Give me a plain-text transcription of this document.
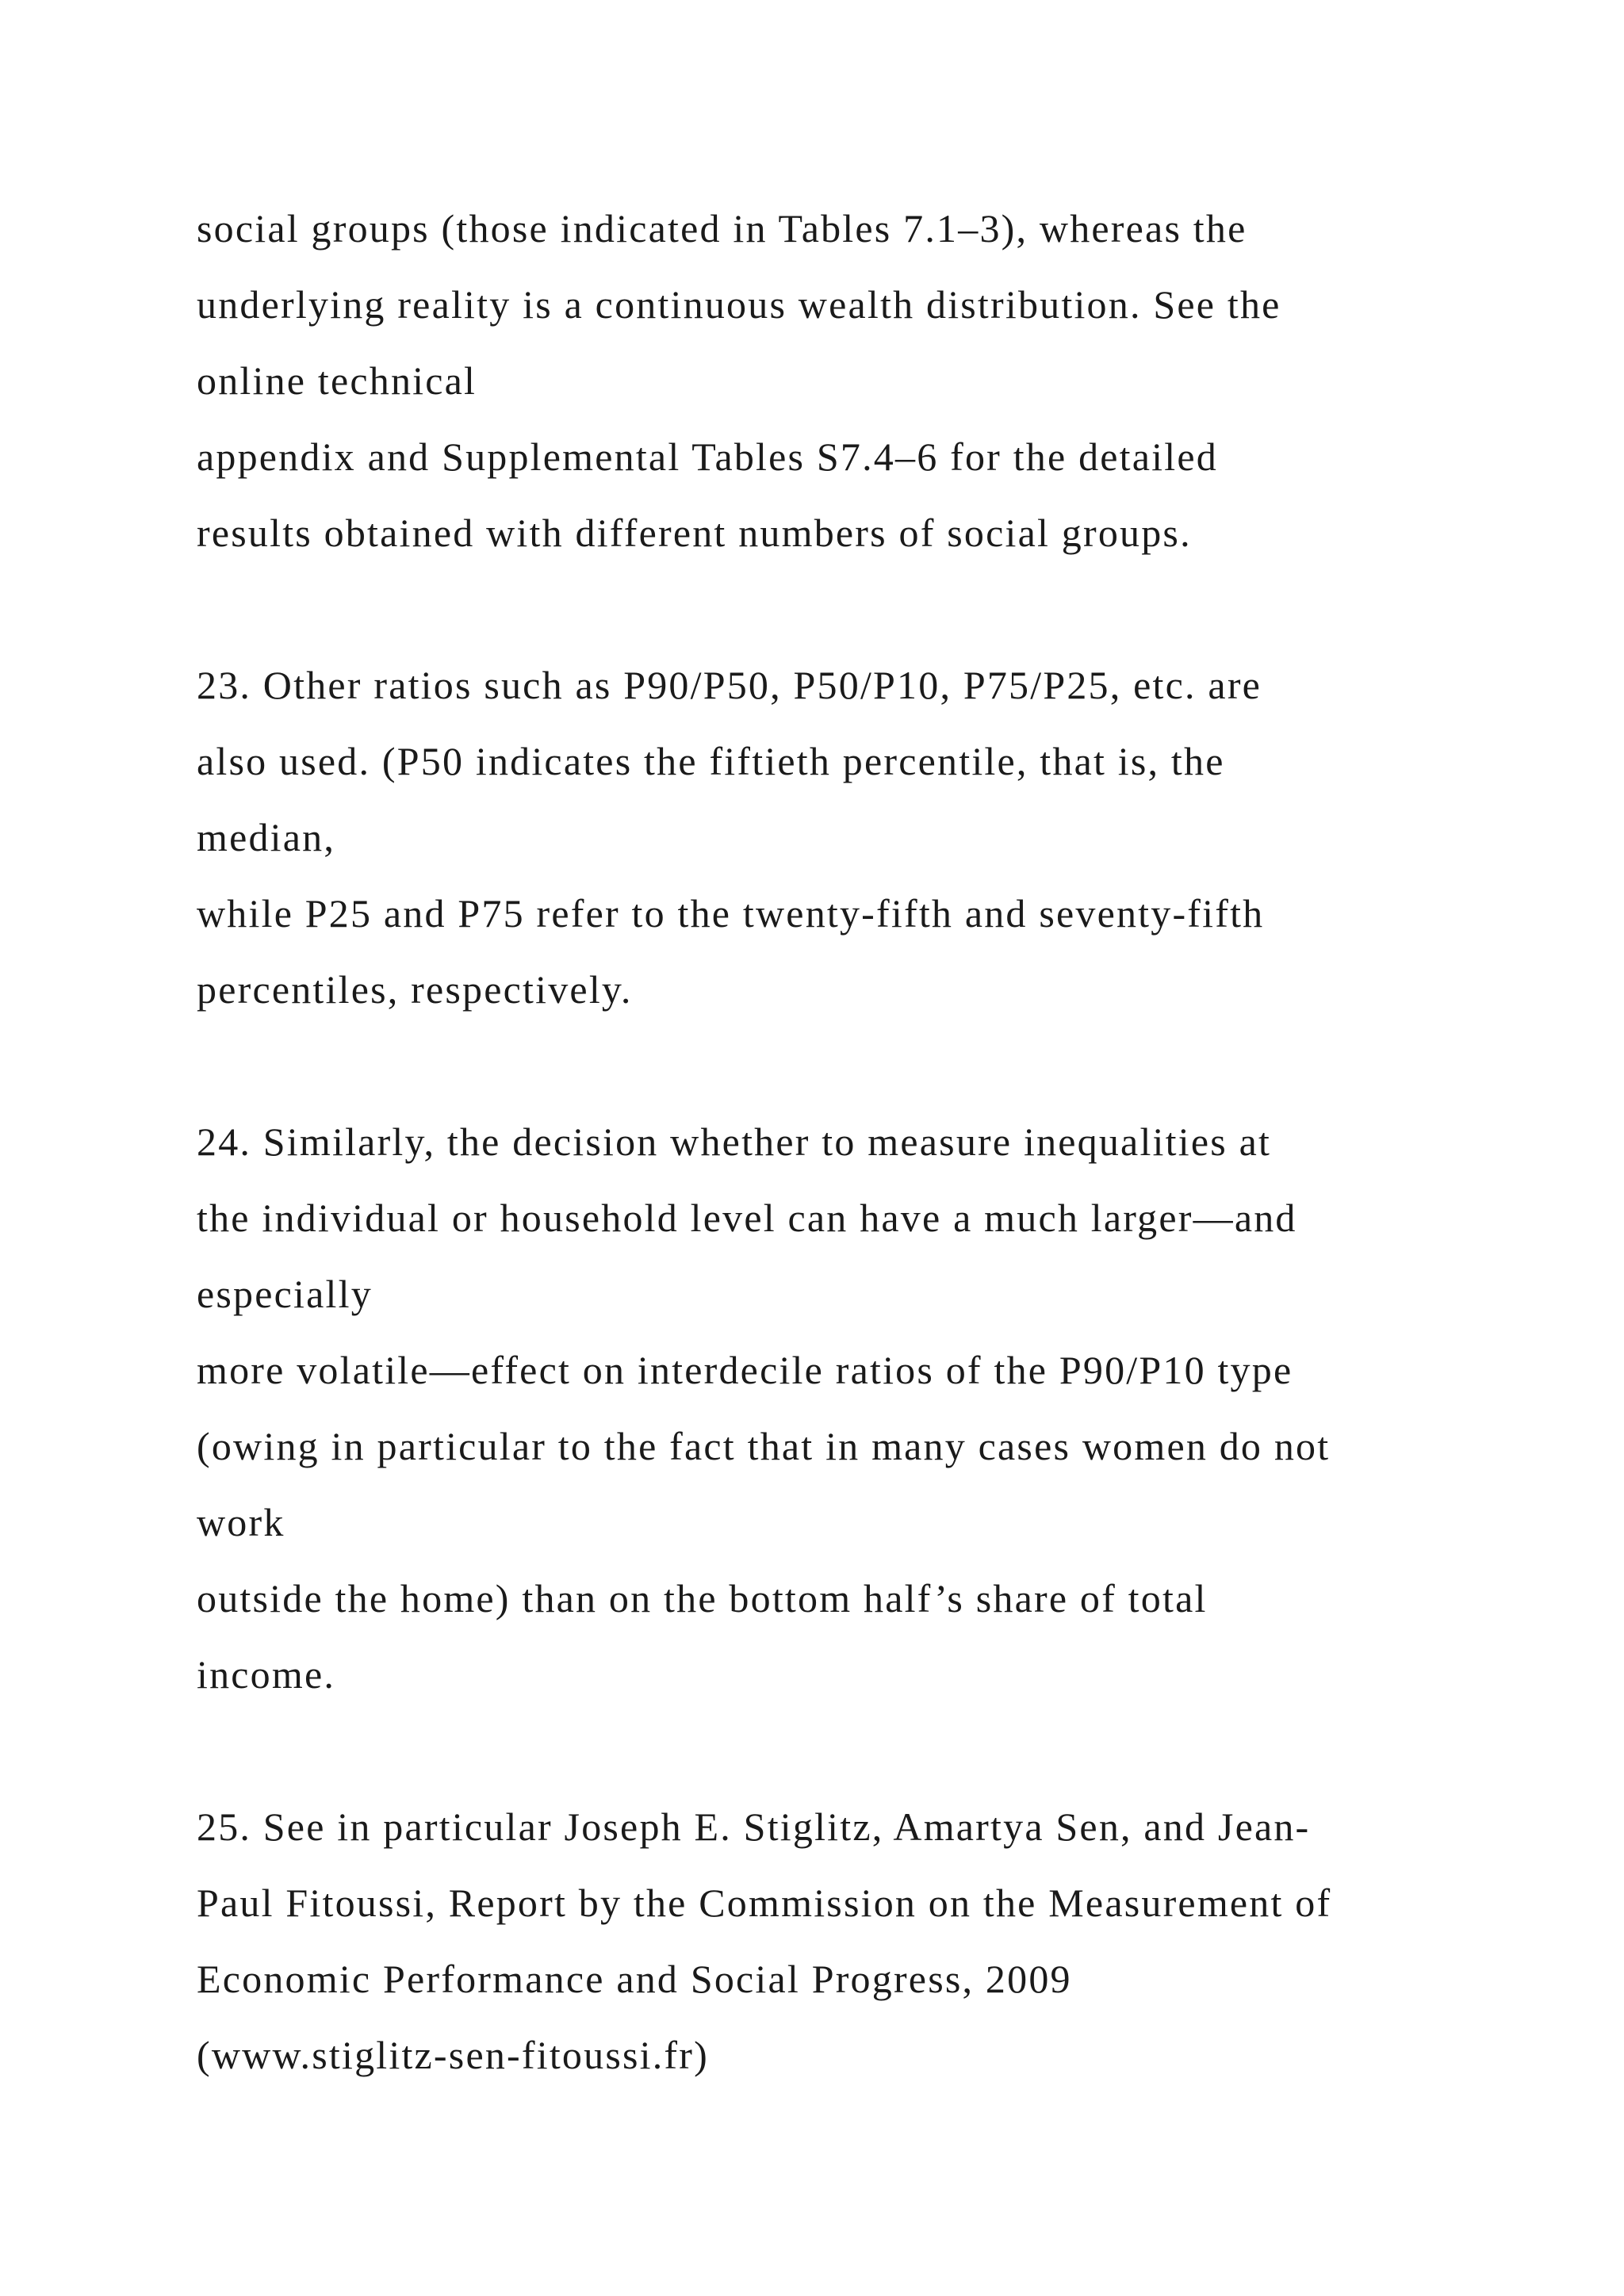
social groups (those indicated in Tables 7.1–3), whereas the
underlying reality is a continuous wealth distribution. See the
online technical
appendix and Supplemental Tables S7.4–6 for the detailed
results obtained with different numbers of social groups.
23. Other ratios such as P90/P50, P50/P10, P75/P25, etc. are
also used. (P50 indicates the fiftieth percentile, that is, the
median,
while P25 and P75 refer to the twenty-fifth and seventy-fifth
percentiles, respectively.
24. Similarly, the decision whether to measure inequalities at
the individual or household level can have a much larger—and
especially
more volatile—effect on interdecile ratios of the P90/P10 type
(owing in particular to the fact that in many cases women do not
work
outside the home) than on the bottom half’s share of total
income.
25. See in particular Joseph E. Stiglitz, Amartya Sen, and Jean-
Paul Fitoussi, Report by the Commission on the Measurement of
Economic Performance and Social Progress, 2009
(www.stiglitz-sen-fitoussi.fr)
